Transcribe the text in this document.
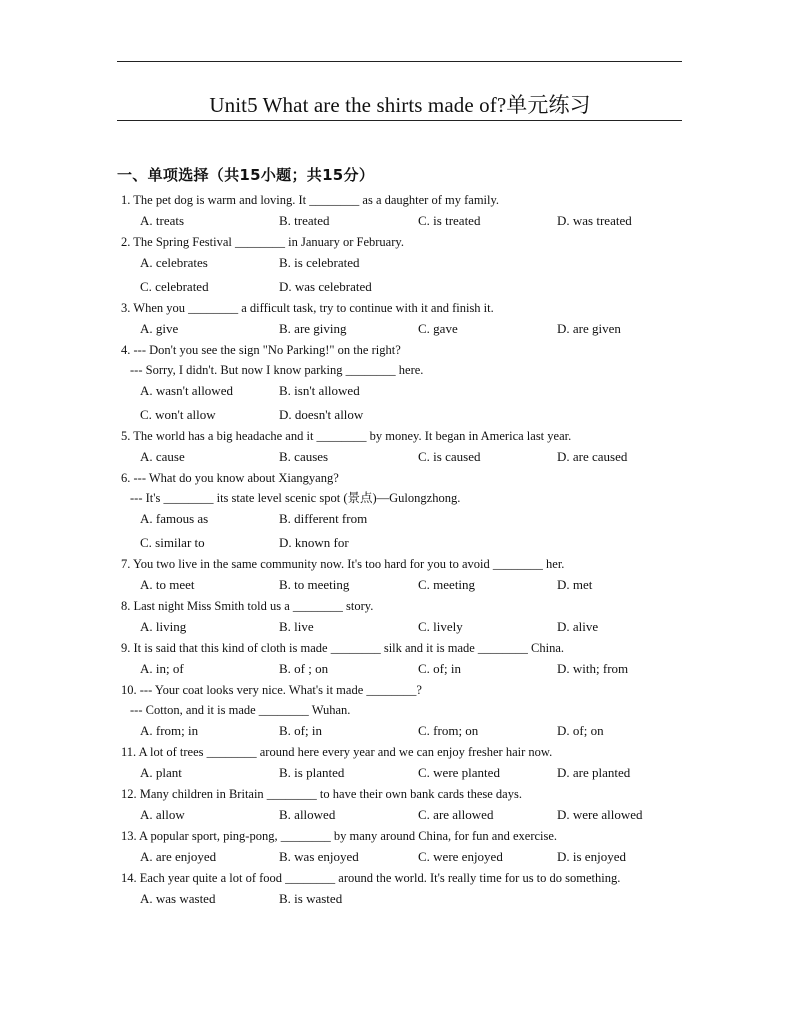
Unit5 What are the shirts made of?单元练习
一、单项选择（共15小题；共15分）
1. The pet dog is warm and loving. It ________ as a daughter of my family.
A. treats	B. treated	C. is treated	D. was treated
2. The Spring Festival ________ in January or February.
A. celebrates	B. is celebrated
C. celebrated	D. was celebrated
3. When you ________ a difficult task, try to continue with it and finish it.
A. give	B. are giving	C. gave	D. are given
4. --- Don't you see the sign "No Parking!" on the right?
--- Sorry, I didn't. But now I know parking ________ here.
A. wasn't allowed	B. isn't allowed
C. won't allow	D. doesn't allow
5. The world has a big headache and it ________ by money. It began in America last year.
A. cause	B. causes	C. is caused	D. are caused
6. --- What do you know about Xiangyang?
--- It's ________ its state level scenic spot (景点)—Gulongzhong.
A. famous as	B. different from
C. similar to	D. known for
7. You two live in the same community now. It's too hard for you to avoid ________ her.
A. to meet	B. to meeting	C. meeting	D. met
8. Last night Miss Smith told us a ________ story.
A. living	B. live	C. lively	D. alive
9. It is said that this kind of cloth is made ________ silk and it is made ________ China.
A. in; of	B. of ; on	C. of; in	D. with; from
10. --- Your coat looks very nice. What's it made ________?
--- Cotton, and it is made ________ Wuhan.
A. from; in	B. of; in	C. from; on	D. of; on
11. A lot of trees ________ around here every year and we can enjoy fresher hair now.
A. plant	B. is planted	C. were planted	D. are planted
12. Many children in Britain ________ to have their own bank cards these days.
A. allow	B. allowed	C. are allowed	D. were allowed
13. A popular sport, ping-pong, ________ by many around China, for fun and exercise.
A. are enjoyed	B. was enjoyed	C. were enjoyed	D. is enjoyed
14. Each year quite a lot of food ________ around the world. It's really time for us to do something.
A. was wasted	B. is wasted
